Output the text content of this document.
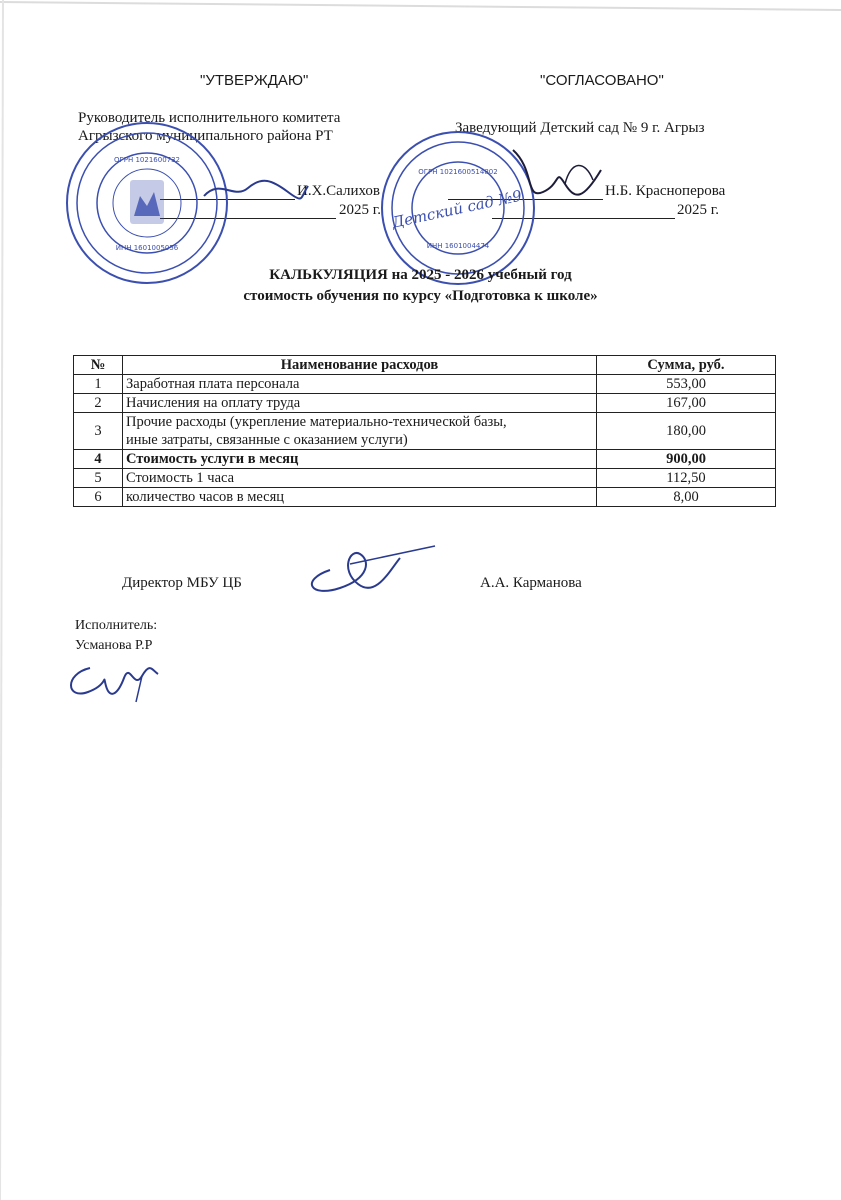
"УТВЕРЖДАЮ"
Руководитель исполнительного комитета
Агрызского муниципального района РТ
И.Х.Салихов
2025 г.
"СОГЛАСОВАНО"
Заведующий Детский сад № 9 г. Агрыз
Н.Б. Красноперова
2025 г.
ОГРН 1021600732
ИНН 1601005056
ОГРН 1021600514802
Детский сад №9
ИНН 1601004474
КАЛЬКУЛЯЦИЯ на 2025 - 2026 учебный год
стоимость обучения по курсу «Подготовка к школе»
№	Наименование расходов	Сумма, руб.
1	Заработная плата персонала	553,00
2	Начисления на оплату труда	167,00
3	Прочие расходы (укрепление материально-технической базы,
иные затраты, связанные с оказанием услуги)	180,00
4	Стоимость услуги в месяц	900,00
5	Стоимость 1 часа	112,50
6	количество часов в месяц	8,00
Директор МБУ ЦБ	А.А. Карманова
Исполнитель:
Усманова Р.Р
